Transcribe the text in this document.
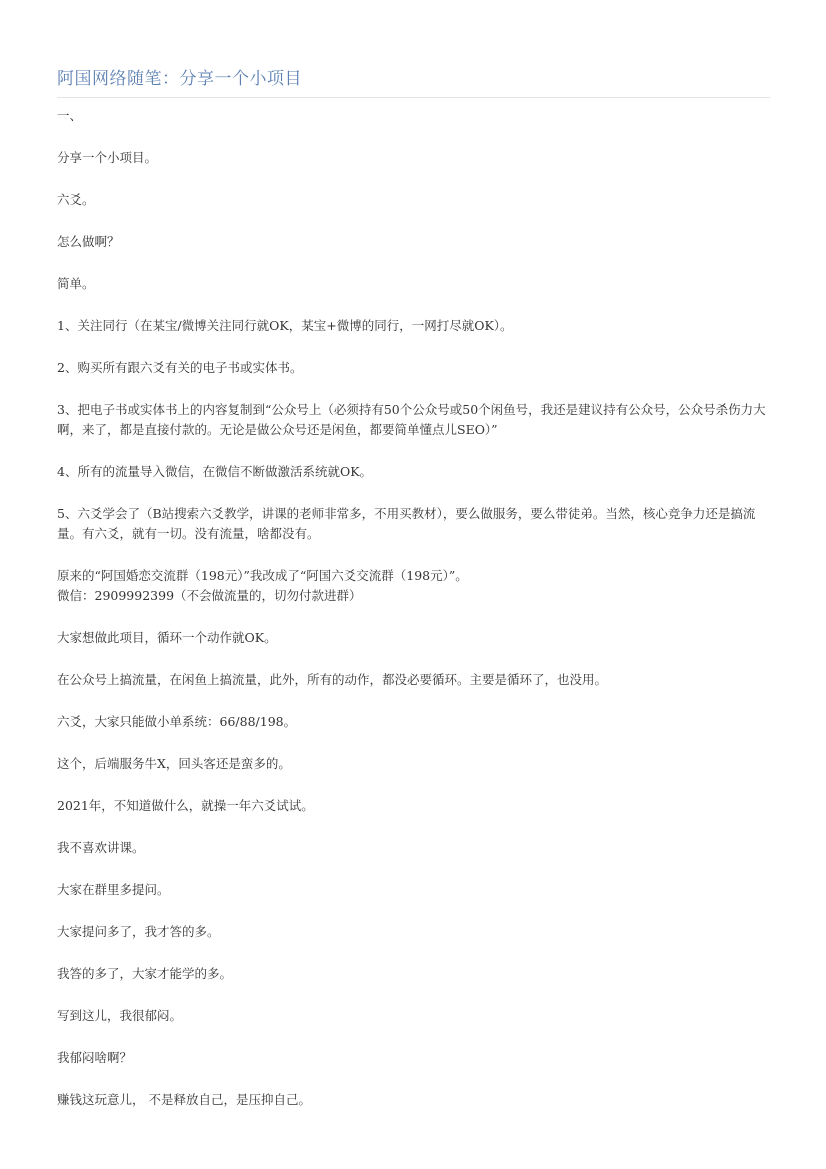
阿国网络随笔：分享一个小项目
一、
分享一个小项目。
六爻。
怎么做啊？
简单。
1、关注同行（在某宝/微博关注同行就OK，某宝+微博的同行，一网打尽就OK）。
2、购买所有跟六爻有关的电子书或实体书。
3、把电子书或实体书上的内容复制到“公众号上（必须持有50个公众号或50个闲鱼号，我还是建议持有公众号，公众号杀伤力大啊，来了，都是直接付款的。无论是做公众号还是闲鱼，都要简单懂点儿SEO）”
4、所有的流量导入微信，在微信不断做激活系统就OK。
5、六爻学会了（B站搜索六爻教学，讲课的老师非常多，不用买教材），要么做服务，要么带徒弟。当然，核心竞争力还是搞流量。有六爻，就有一切。没有流量，啥都没有。
原来的“阿国婚恋交流群（198元）”我改成了“阿国六爻交流群（198元）”。
微信：2909992399（不会做流量的，切勿付款进群）
大家想做此项目，循环一个动作就OK。
在公众号上搞流量，在闲鱼上搞流量，此外，所有的动作，都没必要循环。主要是循环了，也没用。
六爻，大家只能做小单系统：66/88/198。
这个，后端服务牛X，回头客还是蛮多的。
2021年，不知道做什么，就操一年六爻试试。
我不喜欢讲课。
大家在群里多提问。
大家提问多了，我才答的多。
我答的多了，大家才能学的多。
写到这儿，我很郁闷。
我郁闷啥啊？
赚钱这玩意儿， 不是释放自己，是压抑自己。
